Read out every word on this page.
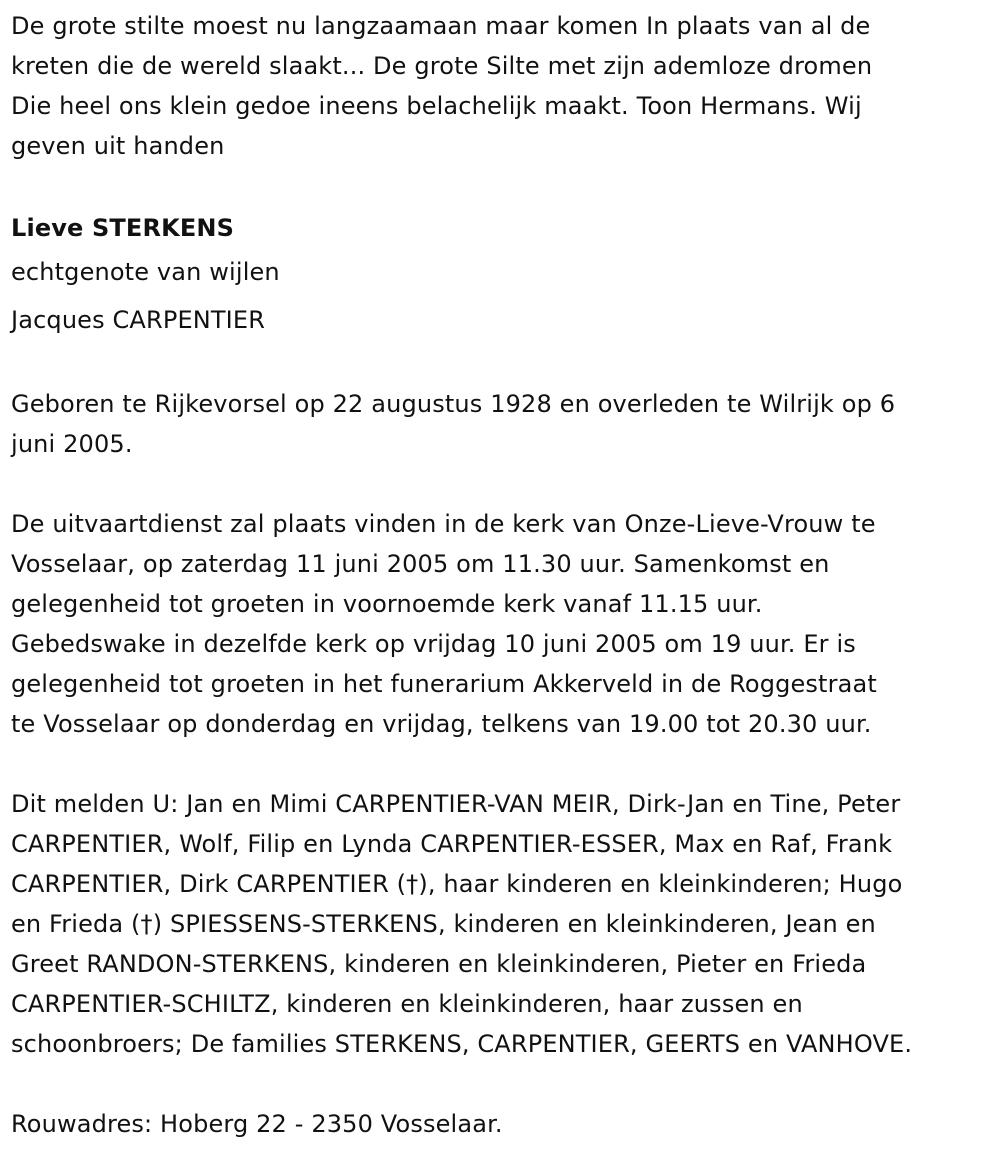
De grote stilte moest nu langzaamaan maar komen In plaats van al de
kreten die de wereld slaakt... De grote Silte met zijn ademloze dromen
Die heel ons klein gedoe ineens belachelijk maakt. Toon Hermans. Wij
geven uit handen
Lieve STERKENS
echtgenote van wijlen
Jacques CARPENTIER
Geboren te Rijkevorsel op 22 augustus 1928 en overleden te Wilrijk op 6
juni 2005.
De uitvaartdienst zal plaats vinden in de kerk van Onze-Lieve-Vrouw te
Vosselaar, op zaterdag 11 juni 2005 om 11.30 uur. Samenkomst en
gelegenheid tot groeten in voornoemde kerk vanaf 11.15 uur.
Gebedswake in dezelfde kerk op vrijdag 10 juni 2005 om 19 uur. Er is
gelegenheid tot groeten in het funerarium Akkerveld in de Roggestraat
te Vosselaar op donderdag en vrijdag, telkens van 19.00 tot 20.30 uur.
Dit melden U: Jan en Mimi CARPENTIER-VAN MEIR, Dirk-Jan en Tine, Peter
CARPENTIER, Wolf, Filip en Lynda CARPENTIER-ESSER, Max en Raf, Frank
CARPENTIER, Dirk CARPENTIER (†), haar kinderen en kleinkinderen; Hugo
en Frieda (†) SPIESSENS-STERKENS, kinderen en kleinkinderen, Jean en
Greet RANDON-STERKENS, kinderen en kleinkinderen, Pieter en Frieda
CARPENTIER-SCHILTZ, kinderen en kleinkinderen, haar zussen en
schoonbroers; De families STERKENS, CARPENTIER, GEERTS en VANHOVE.
Rouwadres: Hoberg 22 - 2350 Vosselaar.
